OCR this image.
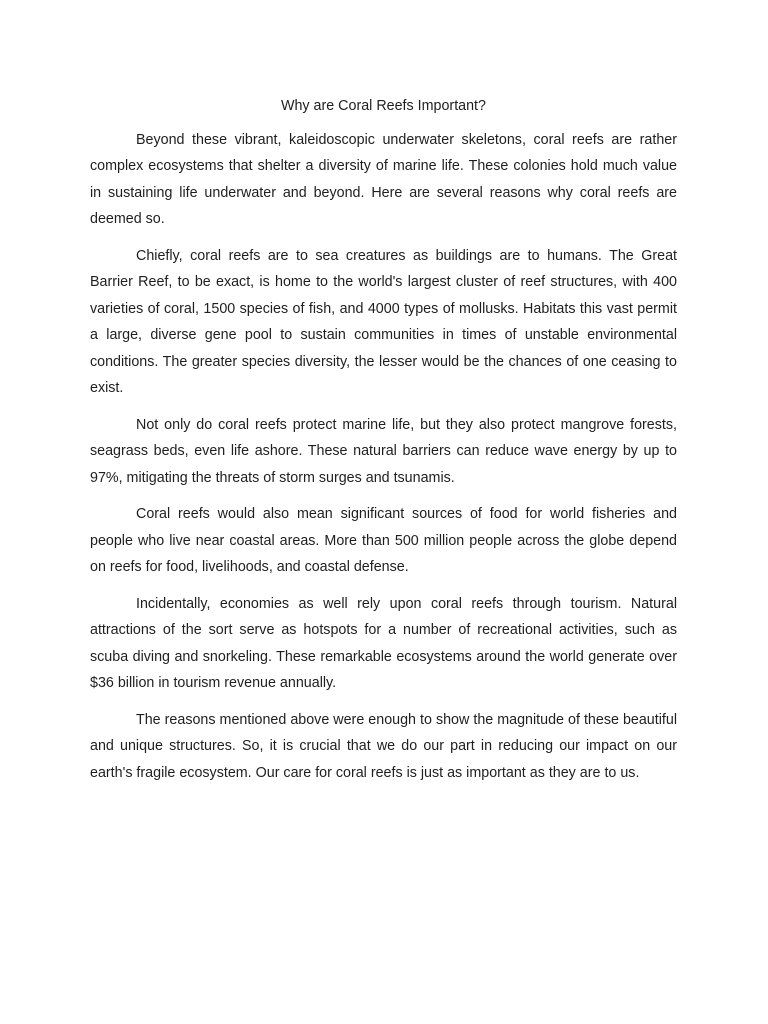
Why are Coral Reefs Important?

Beyond these vibrant, kaleidoscopic underwater skeletons, coral reefs are rather complex ecosystems that shelter a diversity of marine life. These colonies hold much value in sustaining life underwater and beyond. Here are several reasons why coral reefs are deemed so.

Chiefly, coral reefs are to sea creatures as buildings are to humans. The Great Barrier Reef, to be exact, is home to the world's largest cluster of reef structures, with 400 varieties of coral, 1500 species of fish, and 4000 types of mollusks. Habitats this vast permit a large, diverse gene pool to sustain communities in times of unstable environmental conditions. The greater species diversity, the lesser would be the chances of one ceasing to exist.

Not only do coral reefs protect marine life, but they also protect mangrove forests, seagrass beds, even life ashore. These natural barriers can reduce wave energy by up to 97%, mitigating the threats of storm surges and tsunamis.

Coral reefs would also mean significant sources of food for world fisheries and people who live near coastal areas. More than 500 million people across the globe depend on reefs for food, livelihoods, and coastal defense.

Incidentally, economies as well rely upon coral reefs through tourism. Natural attractions of the sort serve as hotspots for a number of recreational activities, such as scuba diving and snorkeling. These remarkable ecosystems around the world generate over $36 billion in tourism revenue annually.

The reasons mentioned above were enough to show the magnitude of these beautiful and unique structures. So, it is crucial that we do our part in reducing our impact on our earth's fragile ecosystem. Our care for coral reefs is just as important as they are to us.
